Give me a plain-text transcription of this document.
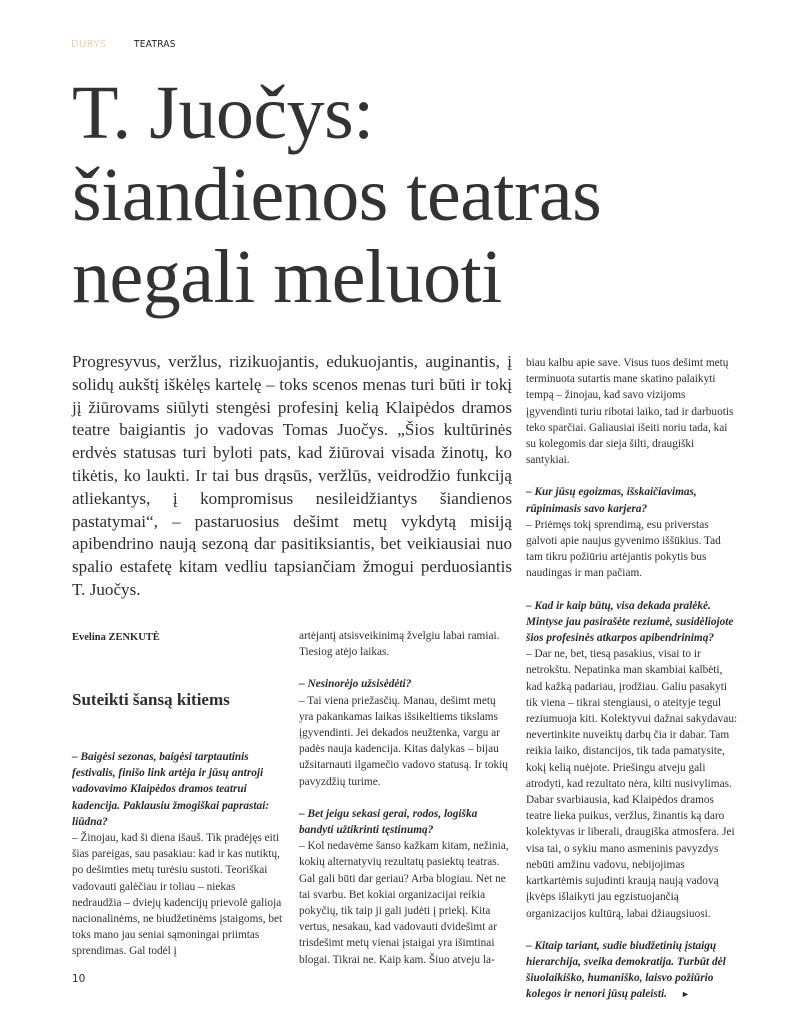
DURYS	TEATRAS
T. Juočys:
šiandienos teatras
negali meluoti

Progresyvus, veržlus, rizikuojantis, edukuojantis, auginantis, į solidų aukštį iškėlęs kartelę – toks scenos menas turi būti ir tokį jį žiūrovams siūlyti stengėsi profesinį kelią Klaipėdos dramos teatre baigiantis jo vadovas Tomas Juočys. „Šios kultūrinės erdvės statusas turi byloti pats, kad žiūrovai visada žinotų, ko tikėtis, ko laukti. Ir tai bus drąsūs, veržlūs, veidrodžio funkciją atliekantys, į kompromisus nesileidžiantys šiandienos pastatymai“, – pastaruosius dešimt metų vykdytą misiją apibendrino naują sezoną dar pasitiksiantis, bet veikiausiai nuo spalio estafetę kitam vedliu tapsiančiam žmogui perduosiantis T. Juočys.

Evelina ZENKUTĖ

Suteikti šansą kitiems

– Baigėsi sezonas, baigėsi tarptautinis festivalis, finišo link artėja ir jūsų antroji vadovavimo Klaipėdos dramos teatrui kadencija. Paklausiu žmogiškai paprastai: liūdna?

– Žinojau, kad ši diena išauš. Tik pradėjęs eiti šias pareigas, sau pasakiau: kad ir kas nutiktų, po dešimties metų turėsiu sustoti. Teoriškai vadovauti galėčiau ir toliau – niekas nedraudžia – dviejų kadencijų prievolė galioja nacionalinėms, ne biudžetinėms įstaigoms, bet toks mano jau seniai sąmoningai priimtas sprendimas. Gal todėl į

artėjantį atsisveikinimą žvelgiu labai ramiai. Tiesiog atėjo laikas.

– Nesinorėjo užsisėdėti?

– Tai viena priežasčių. Manau, dešimt metų yra pakankamas laikas išsikeltiems tikslams įgyvendinti. Jei dekados neužtenka, vargu ar padės nauja kadencija. Kitas dalykas – bijau užsitarnauti ilgamečio vadovo statusą. Ir tokių pavyzdžių turime.

– Bet jeigu sekasi gerai, rodos, logiška bandyti užtikrinti tęstinumą?

– Kol nedavėme šanso kažkam kitam, nežinia, kokių alternatyvių rezultatų pasiektų teatras. Gal gali būti dar geriau? Arba blogiau. Net ne tai svarbu. Bet kokiai organizacijai reikia pokyčių, tik taip ji gali judėti į priekį. Kita vertus, nesakau, kad vadovauti dvidešimt ar trisdešimt metų vienai įstaigai yra išimtinai blogai. Tikrai ne. Kaip kam. Šiuo atveju la-

biau kalbu apie save. Visus tuos dešimt metų terminuota sutartis mane skatino palaikyti tempą – žinojau, kad savo vizijoms įgyvendinti turiu ribotai laiko, tad ir darbuotis teko sparčiai. Galiausiai išeiti noriu tada, kai su kolegomis dar sieja šilti, draugiški santykiai.

– Kur jūsų egoizmas, išskaičiavimas, rūpinimasis savo karjera?

– Priėmęs tokį sprendimą, esu priverstas galvoti apie naujus gyvenimo iššūkius. Tad tam tikru požiūriu artėjantis pokytis bus naudingas ir man pačiam.

– Kad ir kaip būtų, visa dekada pralėkė. Mintyse jau pasirašėte reziumė, susidėliojote šios profesinės atkarpos apibendrinimą?

– Dar ne, bet, tiesą pasakius, visai to ir netrokštu. Nepatinka man skambiai kalbėti, kad kažką padariau, įrodžiau. Galiu pasakyti tik viena – tikrai stengiausi, o ateityje tegul reziumuoja kiti. Kolektyvui dažnai sakydavau: nevertinkite nuveiktų darbų čia ir dabar. Tam reikia laiko, distancijos, tik tada pamatysite, kokį kelią nuėjote. Priešingu atveju gali atrodyti, kad rezultato nėra, kilti nusivylimas. Dabar svarbiausia, kad Klaipėdos dramos teatre lieka puikus, veržlus, žinantis ką daro kolektyvas ir liberali, draugiška atmosfera. Jei visa tai, o sykiu mano asmeninis pavyzdys nebūti amžinu vadovu, nebijojimas kartkartėmis sujudinti kraują naują vadovą įkvėps išlaikyti jau egzistuojančią organizacijos kultūrą, labai džiaugsiuosi.

– Kitaip tariant, sudie biudžetinių įstaigų hierarchija, sveika demokratija. Turbūt dėl šiuolaikiško, humaniško, laisvo požiūrio kolegos ir nenori jūsų paleisti. ►

10
